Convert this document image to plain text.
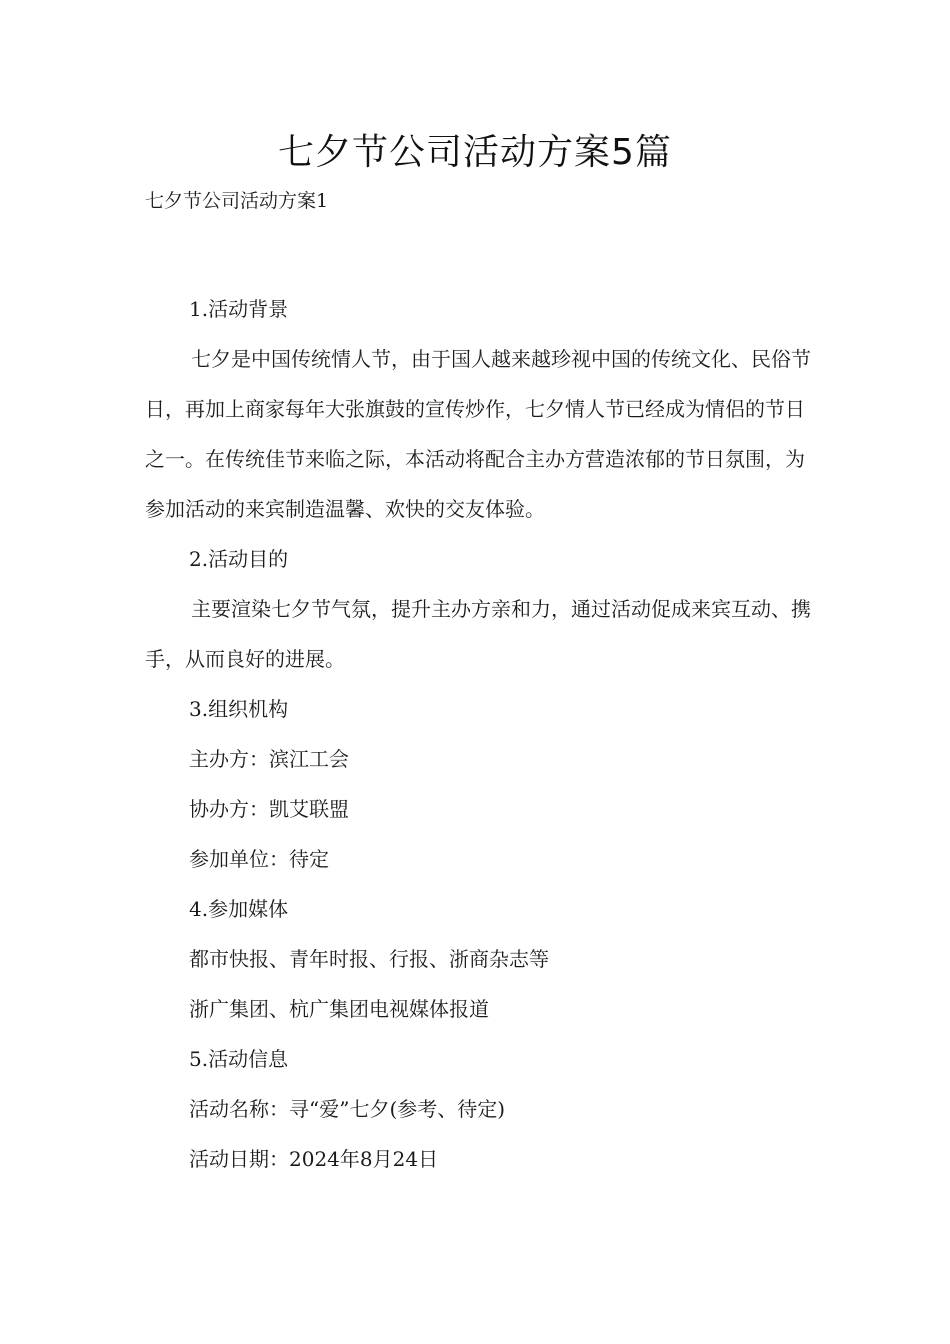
七夕节公司活动方案5篇
七夕节公司活动方案1

1.活动背景

七夕是中国传统情人节，由于国人越来越珍视中国的传统文化、民俗节日，再加上商家每年大张旗鼓的宣传炒作，七夕情人节已经成为情侣的节日之一。在传统佳节来临之际，本活动将配合主办方营造浓郁的节日氛围，为参加活动的来宾制造温馨、欢快的交友体验。

2.活动目的

主要渲染七夕节气氛，提升主办方亲和力，通过活动促成来宾互动、携手，从而良好的进展。

3.组织机构

主办方：滨江工会

协办方：凯艾联盟

参加单位：待定

4.参加媒体

都市快报、青年时报、行报、浙商杂志等

浙广集团、杭广集团电视媒体报道

5.活动信息

活动名称：寻“爱”七夕(参考、待定)

活动日期：2024年8月24日
